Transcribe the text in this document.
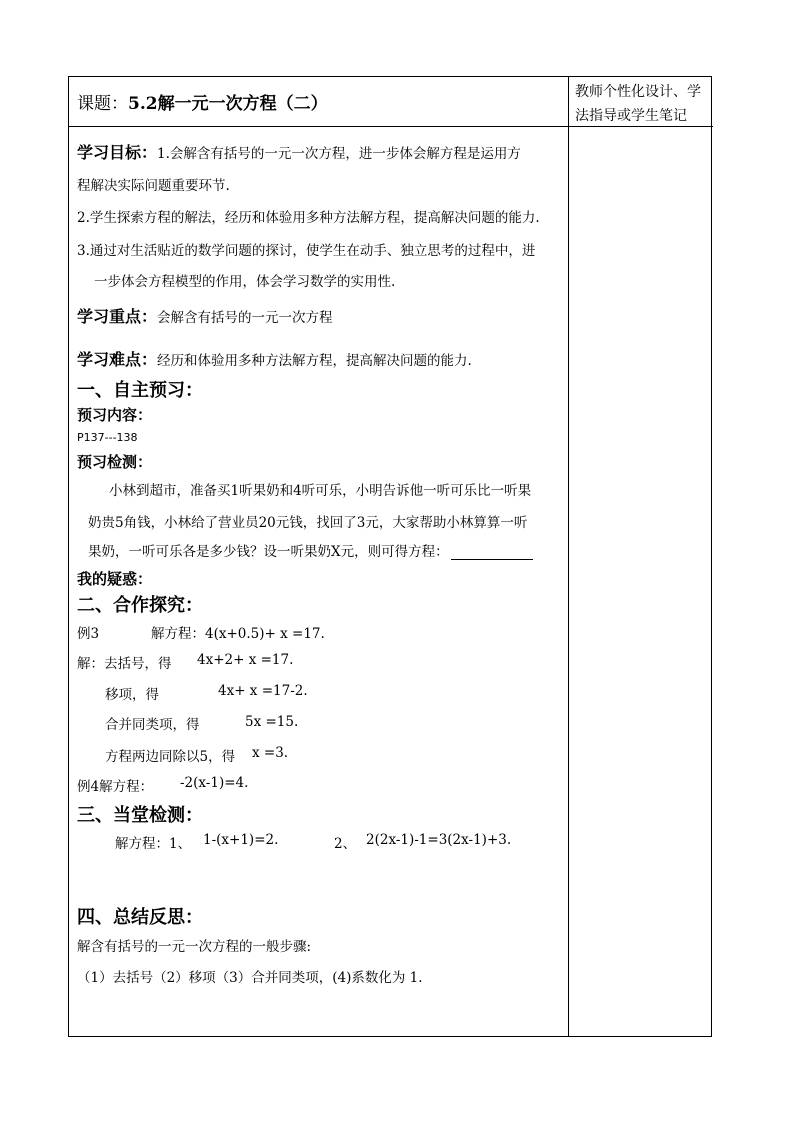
课题：5.2解一元一次方程（二）
教师个性化设计、学法指导或学生笔记
学习目标：1.会解含有括号的一元一次方程，进一步体会解方程是运用方
程解决实际问题重要环节.
2.学生探索方程的解法，经历和体验用多种方法解方程，提高解决问题的能力.
3.通过对生活贴近的数学问题的探讨，使学生在动手、独立思考的过程中，进
一步体会方程模型的作用，体会学习数学的实用性.
学习重点：会解含有括号的一元一次方程
学习难点：经历和体验用多种方法解方程，提高解决问题的能力.
一、自主预习：
预习内容：
P137---138
预习检测：
小林到超市，准备买1听果奶和4听可乐，小明告诉他一听可乐比一听果
奶贵5角钱，小林给了营业员20元钱，找回了3元，大家帮助小林算算一听
果奶，一听可乐各是多少钱？设一听果奶X元，则可得方程：
我的疑惑：
二、合作探究：
例3	解方程：4(x+0.5)+ x =17.
解：去括号，得 4x+2+ x =17.
移项，得	4x+ x =17-2.
合并同类项，得	5x =15.
方程两边同除以5，得 x =3.
例4解方程： -2(x-1)=4.
三、当堂检测：
解方程：1、 1-(x+1)=2.	2、 2(2x-1)-1=3(2x-1)+3.
四、总结反思：
解含有括号的一元一次方程的一般步骤:
（1）去括号（2）移项（3）合并同类项，(4)系数化为 1.
